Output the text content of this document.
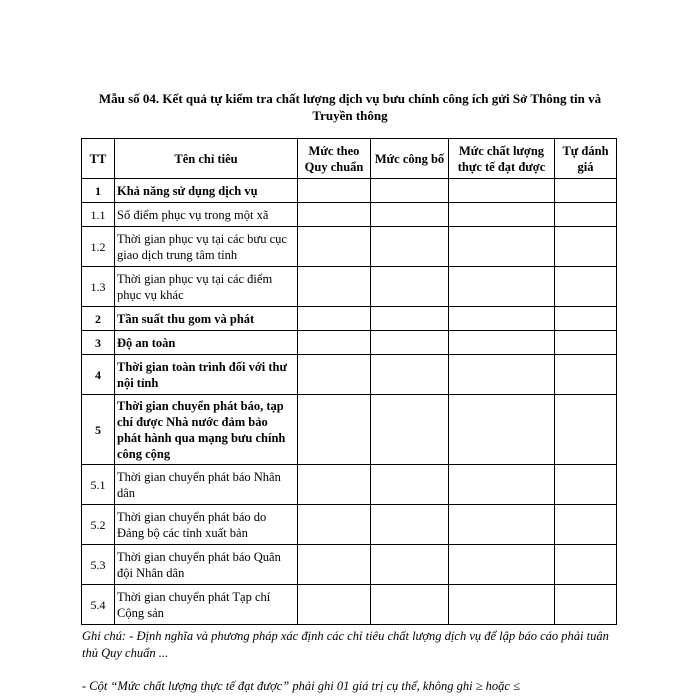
Mẫu số 04. Kết quả tự kiểm tra chất lượng dịch vụ bưu chính công ích gửi Sở Thông tin và
Truyền thông
TT	Tên chỉ tiêu	Mức theo Quy chuẩn	Mức công bố	Mức chất lượng thực tế đạt được	Tự đánh giá
1	Khả năng sử dụng dịch vụ				
1.1	Số điểm phục vụ trong một xã				
1.2	Thời gian phục vụ tại các bưu cục giao dịch trung tâm tỉnh				
1.3	Thời gian phục vụ tại các điểm phục vụ khác				
2	Tần suất thu gom và phát				
3	Độ an toàn				
4	Thời gian toàn trình đối với thư nội tỉnh				
5	Thời gian chuyển phát báo, tạp chí được Nhà nước đảm bảo phát hành qua mạng bưu chính công cộng				
5.1	Thời gian chuyển phát báo Nhân dân				
5.2	Thời gian chuyển phát báo do Đảng bộ các tỉnh xuất bản				
5.3	Thời gian chuyển phát báo Quân đội Nhân dân				
5.4	Thời gian chuyển phát Tạp chí Cộng sản				
Ghi chú: - Định nghĩa và phương pháp xác định các chỉ tiêu chất lượng dịch vụ để lập báo cáo phải tuân thủ Quy chuẩn ...
- Cột “Mức chất lượng thực tế đạt được” phải ghi 01 giá trị cụ thể, không ghi ≥ hoặc ≤
